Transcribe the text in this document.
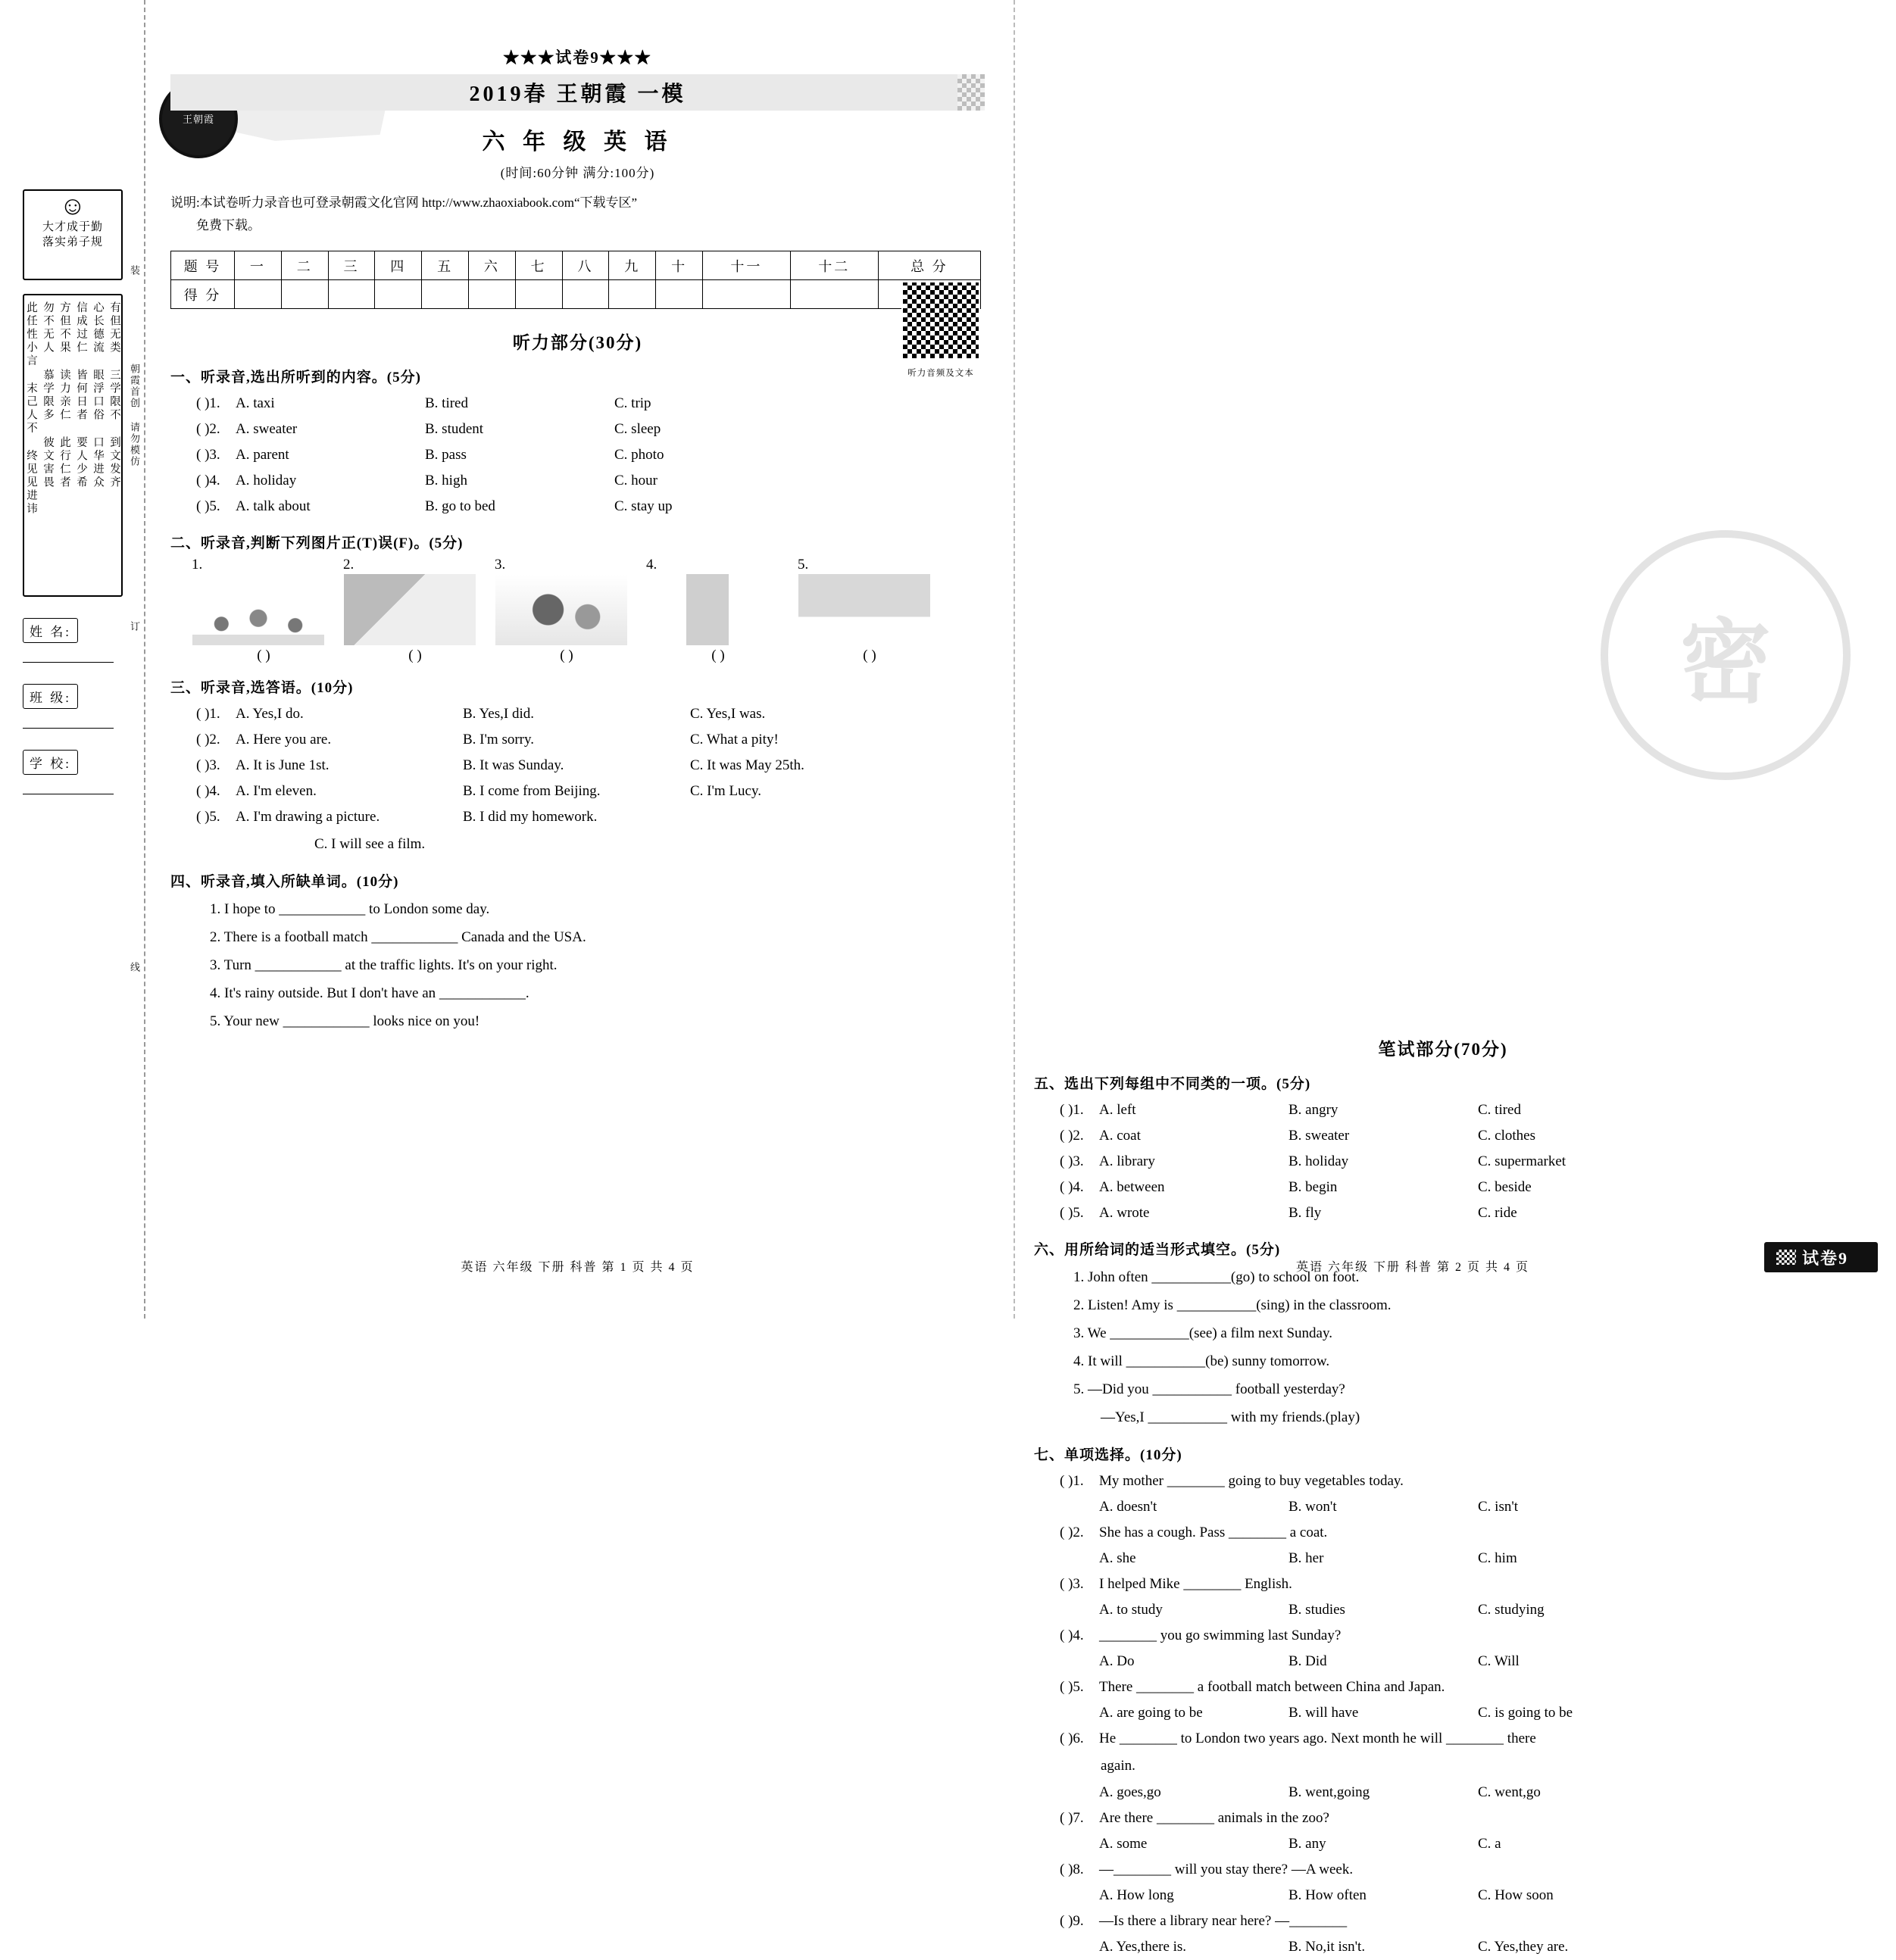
密
☺
大才成于勤
落实弟子规
有但无类 三学限不 到文发齐
心长德流 眼浮口俗 口华进众
信成过仁 皆何日者 要人少希
方但不果 读力亲仁 此行仁者
勿不无人 慕学限多 彼文害畏
此任性小言 末己人不 终见见进讳
姓 名:
班 级:
学 校:
朝霞首创 请勿模仿
装
订
线
王朝霞
★★★试卷9★★★
2019春 王朝霞 一模
六 年 级 英 语
(时间:60分钟 满分:100分)
说明:本试卷听力录音也可登录朝霞文化官网 http://www.zhaoxiabook.com“下载专区”
免费下载。
听力音频及文本
题 号	一	二	三	四	五	六	七	八	九	十	十一	十二	总 分
得 分													
听力部分(30分)
一、听录音,选出所听到的内容。(5分)
( )1.	A. taxi	B. tired	C. trip
( )2.	A. sweater	B. student	C. sleep
( )3.	A. parent	B. pass	C. photo
( )4.	A. holiday	B. high	C. hour
( )5.	A. talk about	B. go to bed	C. stay up
二、听录音,判断下列图片正(T)误(F)。(5分)
1.
( )
2.
( )
3.
( )
4.
( )
5.
( )
三、听录音,选答语。(10分)
( )1.	A. Yes,I do.	B. Yes,I did.	C. Yes,I was.
( )2.	A. Here you are.	B. I'm sorry.	C. What a pity!
( )3.	A. It is June 1st.	B. It was Sunday.	C. It was May 25th.
( )4.	A. I'm eleven.	B. I come from Beijing.	C. I'm Lucy.
( )5.	A. I'm drawing a picture.	B. I did my homework.
C. I will see a film.
四、听录音,填入所缺单词。(10分)
1. I hope to ____________ to London some day.
2. There is a football match ____________ Canada and the USA.
3. Turn ____________ at the traffic lights. It's on your right.
4. It's rainy outside. But I don't have an ____________.
5. Your new ____________ looks nice on you!
笔试部分(70分)
五、选出下列每组中不同类的一项。(5分)
( )1.	A. left	B. angry	C. tired
( )2.	A. coat	B. sweater	C. clothes
( )3.	A. library	B. holiday	C. supermarket
( )4.	A. between	B. begin	C. beside
( )5.	A. wrote	B. fly	C. ride
六、用所给词的适当形式填空。(5分)
1. John often ___________(go) to school on foot.
2. Listen! Amy is ___________(sing) in the classroom.
3. We ___________(see) a film next Sunday.
4. It will ___________(be) sunny tomorrow.
5. —Did you ___________ football yesterday?
—Yes,I ___________ with my friends.(play)
七、单项选择。(10分)
( )1.	My mother ________ going to buy vegetables today.
A. doesn't	B. won't	C. isn't
( )2.	She has a cough. Pass ________ a coat.
A. she	B. her	C. him
( )3.	I helped Mike ________ English.
A. to study	B. studies	C. studying
( )4.	________ you go swimming last Sunday?
A. Do	B. Did	C. Will
( )5.	There ________ a football match between China and Japan.
A. are going to be	B. will have	C. is going to be
( )6.	He ________ to London two years ago. Next month he will ________ there
again.
A. goes,go	B. went,going	C. went,go
( )7.	Are there ________ animals in the zoo?
A. some	B. any	C. a
( )8.	—________ will you stay there? —A week.
A. How long	B. How often	C. How soon
( )9.	—Is there a library near here? —________
A. Yes,there is.	B. No,it isn't.	C. Yes,they are.
英语 六年级 下册 科普 第 1 页 共 4 页	英语 六年级 下册 科普 第 2 页 共 4 页	试卷9
